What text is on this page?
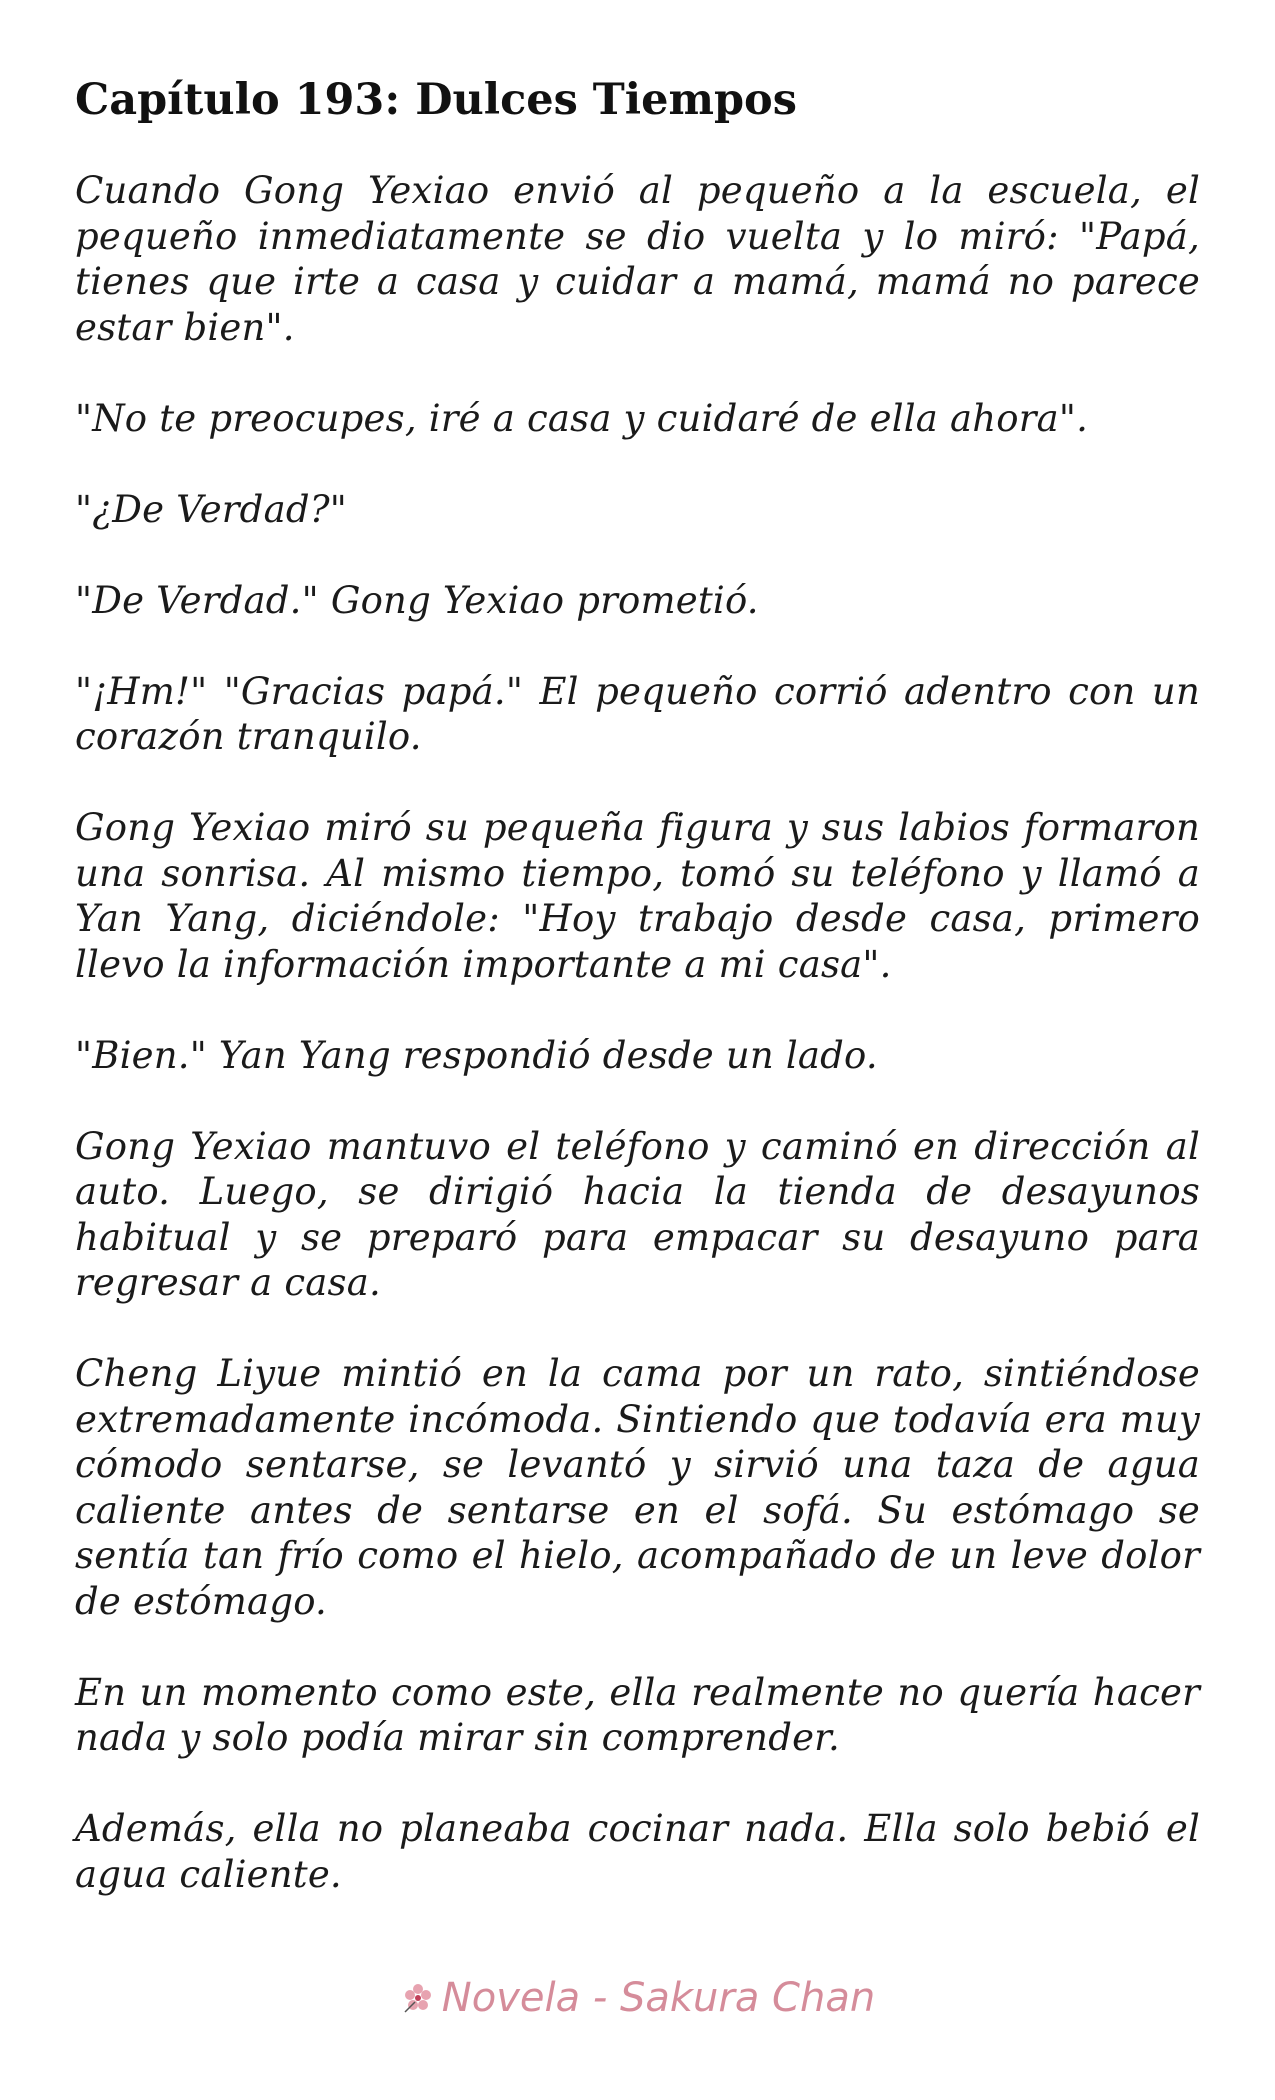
Capítulo 193: Dulces Tiempos

Cuando Gong Yexiao envió al pequeño a la escuela, el pequeño inmediatamente se dio vuelta y lo miró: "Papá, tienes que irte a casa y cuidar a mamá, mamá no parece estar bien".

"No te preocupes, iré a casa y cuidaré de ella ahora".

"¿De Verdad?"

"De Verdad." Gong Yexiao prometió.

"¡Hm!" "Gracias papá." El pequeño corrió adentro con un corazón tranquilo.

Gong Yexiao miró su pequeña figura y sus labios formaron una sonrisa. Al mismo tiempo, tomó su teléfono y llamó a Yan Yang, diciéndole: "Hoy trabajo desde casa, primero llevo la información importante a mi casa".

"Bien." Yan Yang respondió desde un lado.

Gong Yexiao mantuvo el teléfono y caminó en dirección al auto. Luego, se dirigió hacia la tienda de desayunos habitual y se preparó para empacar su desayuno para regresar a casa.

Cheng Liyue mintió en la cama por un rato, sintiéndose extremadamente incómoda. Sintiendo que todavía era muy cómodo sentarse, se levantó y sirvió una taza de agua caliente antes de sentarse en el sofá. Su estómago se sentía tan frío como el hielo, acompañado de un leve dolor de estómago.

En un momento como este, ella realmente no quería hacer nada y solo podía mirar sin comprender.

Además, ella no planeaba cocinar nada. Ella solo bebió el agua caliente.

Novela - Sakura Chan
